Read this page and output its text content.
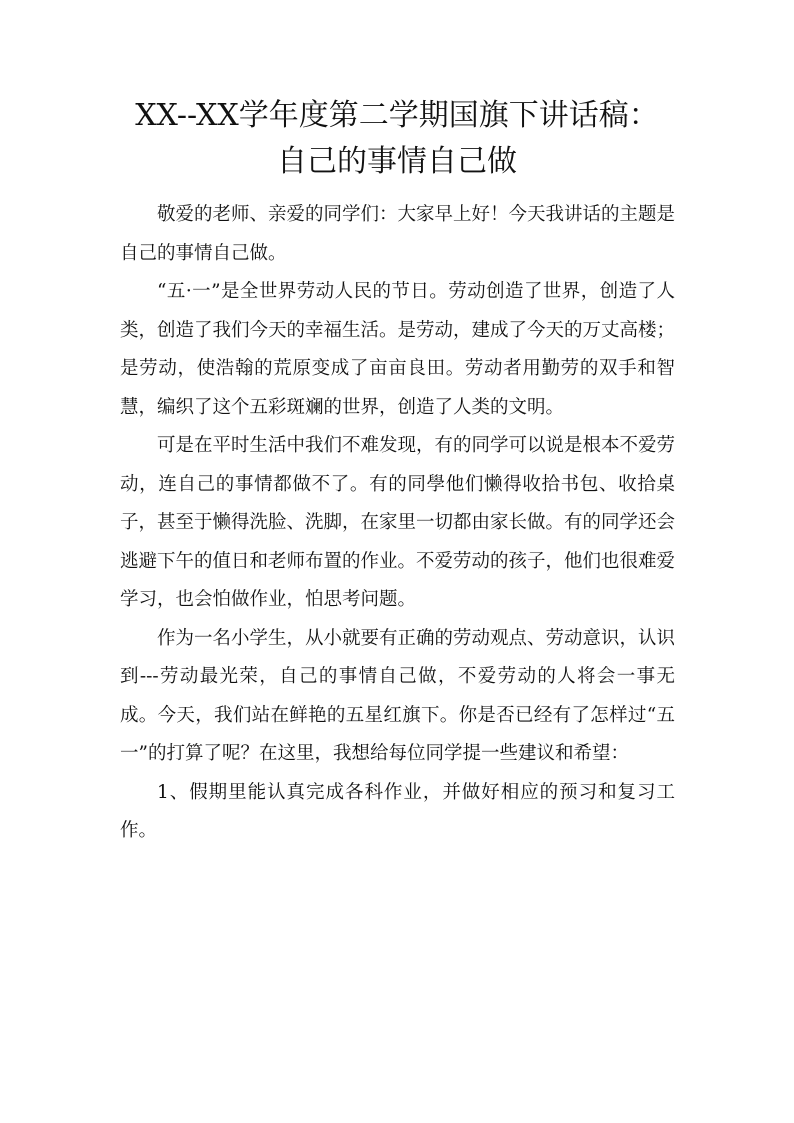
XX--XX学年度第二学期国旗下讲话稿：
自己的事情自己做

敬爱的老师、亲爱的同学们：大家早上好！今天我讲话的主题是自己的事情自己做。

“五·一”是全世界劳动人民的节日。劳动创造了世界，创造了人类，创造了我们今天的幸福生活。是劳动，建成了今天的万丈高楼；是劳动，使浩翰的荒原变成了亩亩良田。劳动者用勤劳的双手和智慧，编织了这个五彩斑斓的世界，创造了人类的文明。

可是在平时生活中我们不难发现，有的同学可以说是根本不爱劳动，连自己的事情都做不了。有的同學他们懒得收拾书包、收拾桌子，甚至于懒得洗脸、洗脚，在家里一切都由家长做。有的同学还会逃避下午的值日和老师布置的作业。不爱劳动的孩子，他们也很难爱学习，也会怕做作业，怕思考问题。

作为一名小学生，从小就要有正确的劳动观点、劳动意识，认识到---劳动最光荣，自己的事情自己做，不爱劳动的人将会一事无成。今天，我们站在鲜艳的五星红旗下。你是否已经有了怎样过“五一”的打算了呢？在这里，我想给每位同学提一些建议和希望：

1、假期里能认真完成各科作业，并做好相应的预习和复习工作。
